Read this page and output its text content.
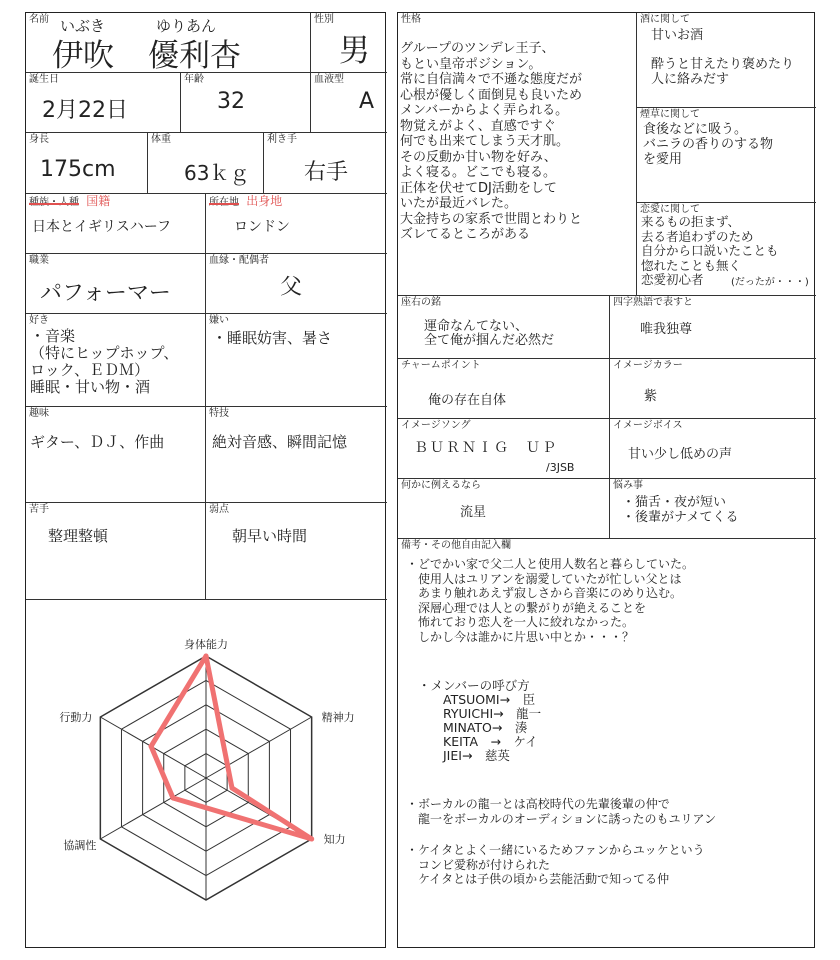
名前 いぶき	ゆりあん
伊吹 優利杏
性別
男
誕生日
2月22日
年齢
32
血液型
A
身長
175cm
体重
63ｋｇ
利き手
右手
種族・人種 国籍
日本とイギリスハーフ
所在地 出身地
ロンドン
職業
パフォーマー
血縁・配偶者
父
好き
・音楽
（特にヒップホップ、
ロック、ＥＤＭ）
睡眠・甘い物・酒
嫌い
・睡眠妨害、暑さ
趣味
ギター、ＤＪ、作曲
特技
絶対音感、瞬間記憶
苦手
整理整頓
弱点
朝早い時間
身体能力
精神力
知力
協調性
行動力
性格
グループのツンデレ王子、
もとい皇帝ポジション。
常に自信満々で不遜な態度だが
心根が優しく面倒見も良いため
メンバーからよく弄られる。
物覚えがよく、直感ですぐ
何でも出来てしまう天才肌。
その反動か甘い物を好み、
よく寝る。どこでも寝る。
正体を伏せてDJ活動をして
いたが最近バレた。
大金持ちの家系で世間とわりと
ズレてるところがある
酒に関して
甘いお酒

酔うと甘えたり褒めたり
人に絡みだす
煙草に関して
食後などに吸う。
バニラの香りのする物
を愛用
恋愛に関して
来るもの拒まず、
去る者追わずのため
自分から口説いたことも
惚れたことも無く
恋愛初心者	(だったが・・・)
座右の銘
運命なんてない、
全て俺が掴んだ必然だ
四字熟語で表すと
唯我独尊
チャームポイント
俺の存在自体
イメージカラー
紫
イメージソング
ＢＵＲＮＩＧ　ＵＰ
/3JSB
イメージボイス
甘い少し低めの声
何かに例えるなら
流星
悩み事
・猫舌・夜が短い
・後輩がナメてくる
備考・その他自由記入欄
・どでかい家で父二人と使用人数名と暮らしていた。
　使用人はユリアンを溺愛していたが忙しい父とは
　あまり触れあえず寂しさから音楽にのめり込む。
　深層心理では人との繋がりが絶えることを
　怖れており恋人を一人に絞れなかった。
　しかし今は誰かに片思い中とか・・・？
・メンバーの呼び方
　　ATSUOMI→　臣
　　RYUICHI→　龍一
　　MINATO→　湊
　　KEITA　→　ケイ
　　JIEI→　慈英
・ボーカルの龍一とは高校時代の先輩後輩の仲で
　龍一をボーカルのオーディションに誘ったのもユリアン
・ケイタとよく一緒にいるためファンからユッケという
　コンビ愛称が付けられた
　ケイタとは子供の頃から芸能活動で知ってる仲
